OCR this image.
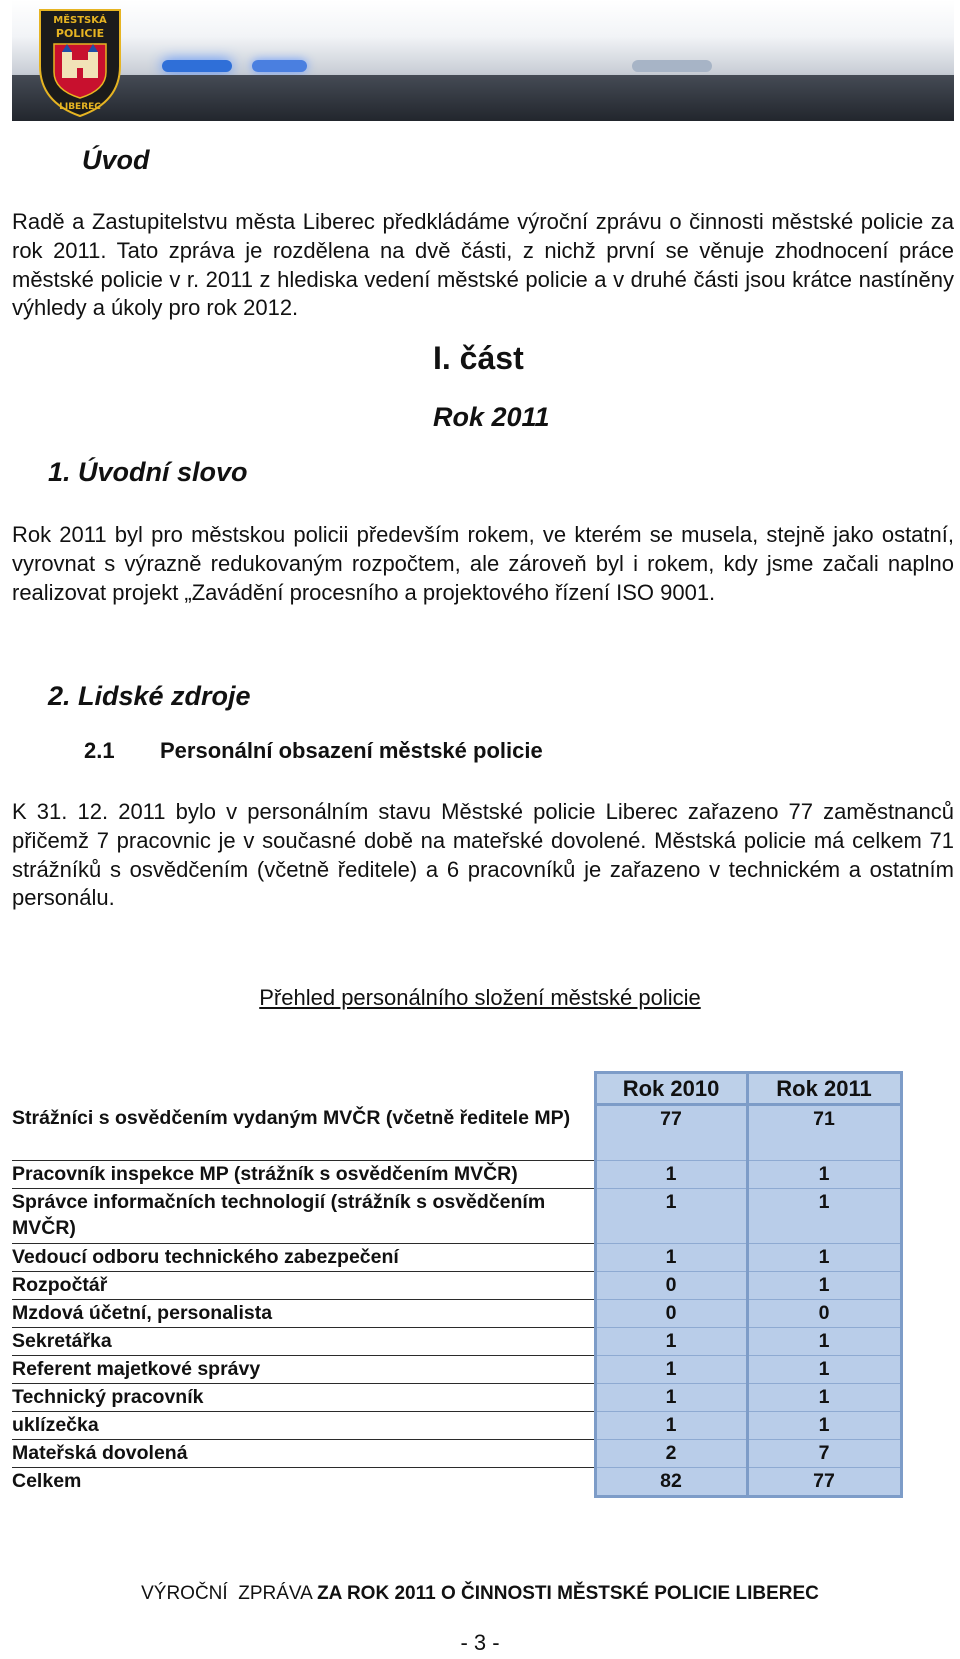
MĚSTSKÁ
POLICIE
LIBEREC
Úvod

Radě a Zastupitelstvu města Liberec předkládáme výroční zprávu o činnosti městské policie za rok 2011. Tato zpráva je rozdělena na dvě části, z nichž první se věnuje zhodnocení práce městské policie v r. 2011 z hlediska vedení městské policie a v druhé části jsou krátce nastíněny výhledy a úkoly pro rok 2012.

I. část
Rok 2011
1. Úvodní slovo

Rok 2011 byl pro městskou policii především rokem, ve kterém se musela, stejně jako ostatní, vyrovnat s výrazně redukovaným rozpočtem, ale zároveň byl i rokem, kdy jsme začali naplno realizovat projekt „Zavádění procesního a projektového řízení ISO 9001.

2. Lidské zdroje
2.1 Personální obsazení městské policie

K 31. 12. 2011 bylo v personálním stavu Městské policie Liberec zařazeno 77 zaměstnanců přičemž 7 pracovnic je v současné době na mateřské dovolené. Městská policie má celkem 71 strážníků s osvědčením (včetně ředitele) a 6 pracovníků je zařazeno v technickém a ostatním personálu.

Přehled personálního složení městské policie
	Rok 2010	Rok 2011
Strážníci s osvědčením vydaným MVČR (včetně ředitele MP)	77	71
Pracovník inspekce MP (strážník s osvědčením MVČR)	1	1
Správce informačních technologií (strážník s osvědčením MVČR)	1	1
Vedoucí odboru technického zabezpečení	1	1
Rozpočtář	0	1
Mzdová účetní, personalista	0	0
Sekretářka	1	1
Referent majetkové správy	1	1
Technický pracovník	1	1
uklízečka	1	1
Mateřská dovolená	2	7
Celkem	82	77
VÝROČNÍ  ZPRÁVA ZA ROK 2011 O ČINNOSTI MĚSTSKÉ POLICIE LIBEREC
- 3 -
